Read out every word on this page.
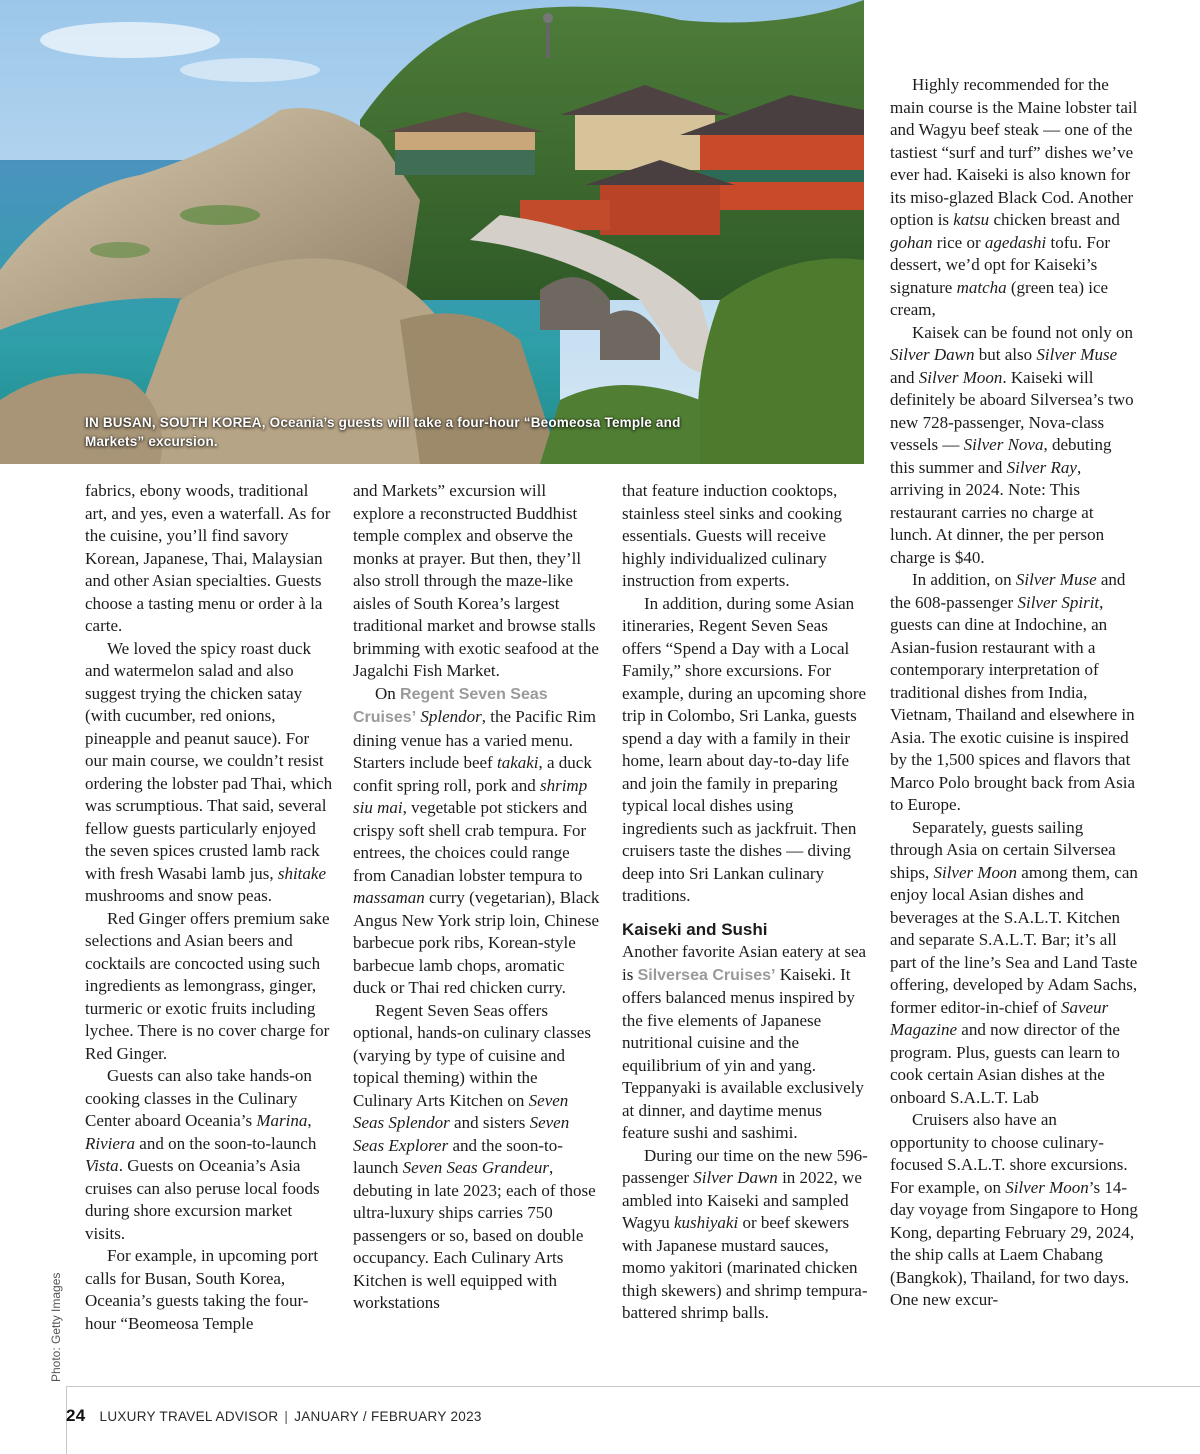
IN BUSAN, SOUTH KOREA, Oceania’s guests will take a four-hour “Beomeosa Temple and Markets” excursion.

fabrics, ebony woods, traditional art, and yes, even a waterfall. As for the cuisine, you’ll find savory Korean, Japanese, Thai, Malaysian and other Asian specialties. Guests choose a tasting menu or order à la carte.

We loved the spicy roast duck and watermelon salad and also suggest trying the chicken satay (with cucumber, red onions, pineapple and peanut sauce). For our main course, we couldn’t resist ordering the lobster pad Thai, which was scrumptious. That said, several fellow guests particularly enjoyed the seven spices crusted lamb rack with fresh Wasabi lamb jus, shitake mushrooms and snow peas.

Red Ginger offers premium sake selections and Asian beers and cocktails are concocted using such ingredients as lemongrass, ginger, turmeric or exotic fruits including lychee. There is no cover charge for Red Ginger.

Guests can also take hands-on cooking classes in the Culinary Center aboard Oceania’s Marina, Riviera and on the soon-to-launch Vista. Guests on Oceania’s Asia cruises can also peruse local foods during shore excursion market visits.

For example, in upcoming port calls for Busan, South Korea, Oceania’s guests taking the four-hour “Beomeosa Temple

and Markets” excursion will explore a reconstructed Buddhist temple complex and observe the monks at prayer. But then, they’ll also stroll through the maze-like aisles of South Korea’s largest traditional market and browse stalls brimming with exotic seafood at the Jagalchi Fish Market.

On Regent Seven Seas Cruises’ Splendor, the Pacific Rim dining venue has a varied menu. Starters include beef takaki, a duck confit spring roll, pork and shrimp siu mai, vegetable pot stickers and crispy soft shell crab tempura. For entrees, the choices could range from Canadian lobster tempura to massaman curry (vegetarian), Black Angus New York strip loin, Chinese barbecue pork ribs, Korean-style barbecue lamb chops, aromatic duck or Thai red chicken curry.

Regent Seven Seas offers optional, hands-on culinary classes (varying by type of cuisine and topical theming) within the Culinary Arts Kitchen on Seven Seas Splendor and sisters Seven Seas Explorer and the soon-to-launch Seven Seas Grandeur, debuting in late 2023; each of those ultra-luxury ships carries 750 passengers or so, based on double occupancy. Each Culinary Arts Kitchen is well equipped with workstations

that feature induction cooktops, stainless steel sinks and cooking essentials. Guests will receive highly individualized culinary instruction from experts.

In addition, during some Asian itineraries, Regent Seven Seas offers “Spend a Day with a Local Family,” shore excursions. For example, during an upcoming shore trip in Colombo, Sri Lanka, guests spend a day with a family in their home, learn about day-to-day life and join the family in preparing typical local dishes using ingredients such as jackfruit. Then cruisers taste the dishes — diving deep into Sri Lankan culinary traditions.

Kaiseki and Sushi

Another favorite Asian eatery at sea is Silversea Cruises’ Kaiseki. It offers balanced menus inspired by the five elements of Japanese nutritional cuisine and the equilibrium of yin and yang. Teppanyaki is available exclusively at dinner, and daytime menus feature sushi and sashimi.

During our time on the new 596-passenger Silver Dawn in 2022, we ambled into Kaiseki and sampled Wagyu kushiyaki or beef skewers with Japanese mustard sauces, momo yakitori (marinated chicken thigh skewers) and shrimp tempura-battered shrimp balls.

Highly recommended for the main course is the Maine lobster tail and Wagyu beef steak — one of the tastiest “surf and turf” dishes we’ve ever had. Kaiseki is also known for its miso-glazed Black Cod. Another option is katsu chicken breast and gohan rice or agedashi tofu. For dessert, we’d opt for Kaiseki’s signature matcha (green tea) ice cream,

Kaisek can be found not only on Silver Dawn but also Silver Muse and Silver Moon. Kaiseki will definitely be aboard Silversea’s two new 728-passenger, Nova-class vessels — Silver Nova, debuting this summer and Silver Ray, arriving in 2024. Note: This restaurant carries no charge at lunch. At dinner, the per person charge is $40.

In addition, on Silver Muse and the 608-passenger Silver Spirit, guests can dine at Indochine, an Asian-fusion restaurant with a contemporary interpretation of traditional dishes from India, Vietnam, Thailand and elsewhere in Asia. The exotic cuisine is inspired by the 1,500 spices and flavors that Marco Polo brought back from Asia to Europe.

Separately, guests sailing through Asia on certain Silversea ships, Silver Moon among them, can enjoy local Asian dishes and beverages at the S.A.L.T. Kitchen and separate S.A.L.T. Bar; it’s all part of the line’s Sea and Land Taste offering, developed by Adam Sachs, former editor-in-chief of Saveur Magazine and now director of the program. Plus, guests can learn to cook certain Asian dishes at the onboard S.A.L.T. Lab

Cruisers also have an opportunity to choose culinary-focused S.A.L.T. shore excursions. For example, on Silver Moon’s 14-day voyage from Singapore to Hong Kong, departing February 29, 2024, the ship calls at Laem Chabang (Bangkok), Thailand, for two days. One new excur-

Photo: Getty Images
24 LUXURY TRAVEL ADVISOR | JANUARY / FEBRUARY 2023
